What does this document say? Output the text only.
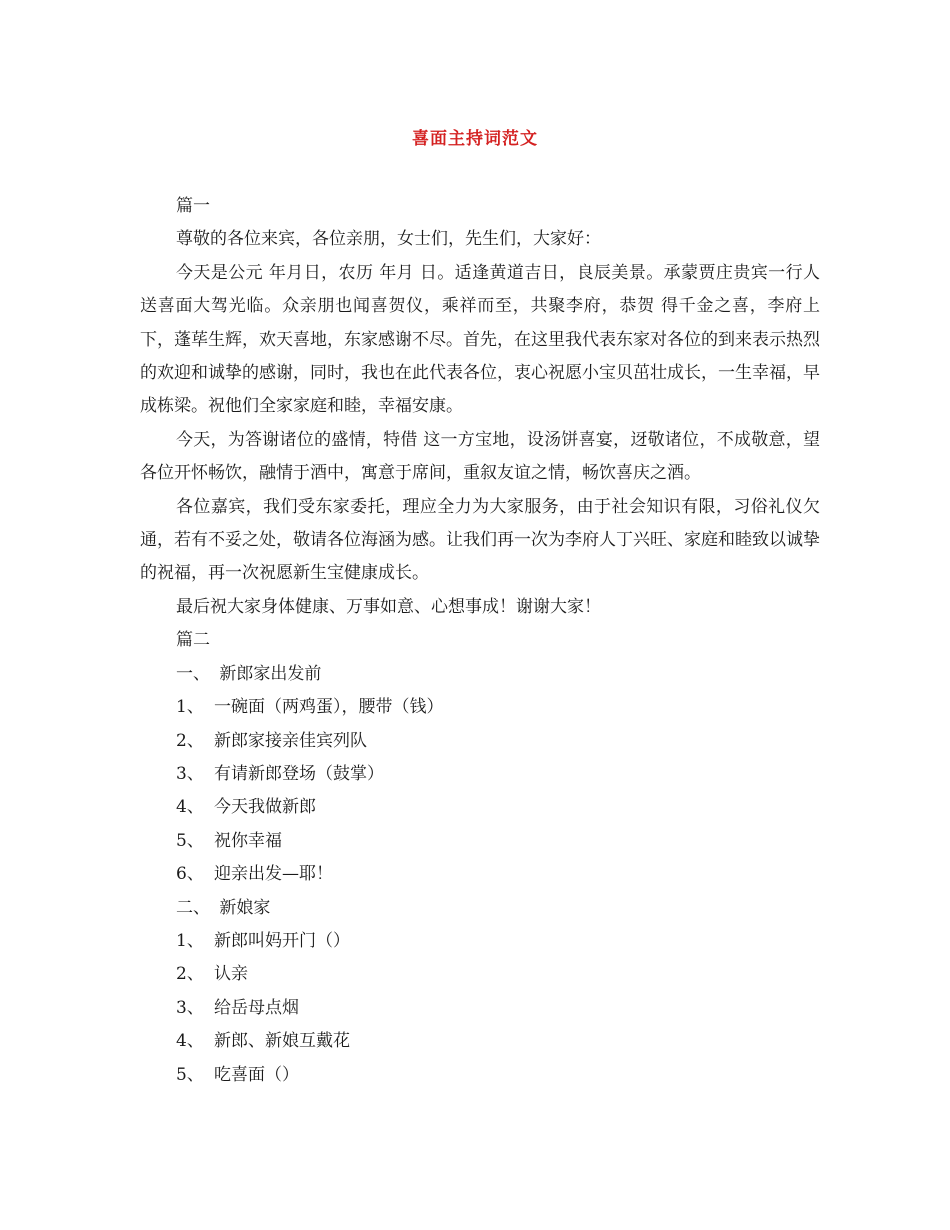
喜面主持词范文
篇一
尊敬的各位来宾，各位亲朋，女士们，先生们，大家好：
今天是公元 年月日，农历 年月 日。适逢黄道吉日，良辰美景。承蒙贾庄贵宾一行人送喜面大驾光临。众亲朋也闻喜贺仪，乘祥而至，共聚李府，恭贺 得千金之喜，李府上下，蓬荜生辉，欢天喜地，东家感谢不尽。首先，在这里我代表东家对各位的到来表示热烈的欢迎和诚挚的感谢，同时，我也在此代表各位，衷心祝愿小宝贝茁壮成长，一生幸福，早成栋梁。祝他们全家家庭和睦，幸福安康。
今天，为答谢诸位的盛情，特借 这一方宝地，设汤饼喜宴，迓敬诸位，不成敬意，望各位开怀畅饮，融情于酒中，寓意于席间，重叙友谊之情，畅饮喜庆之酒。
各位嘉宾，我们受东家委托，理应全力为大家服务，由于社会知识有限，习俗礼仪欠通，若有不妥之处，敬请各位海涵为感。让我们再一次为李府人丁兴旺、家庭和睦致以诚挚的祝福，再一次祝愿新生宝健康成长。
最后祝大家身体健康、万事如意、心想事成！谢谢大家！
篇二
一、 新郎家出发前
1、 一碗面（两鸡蛋），腰带（钱）
2、 新郎家接亲佳宾列队
3、 有请新郎登场（鼓掌）
4、 今天我做新郎
5、 祝你幸福
6、 迎亲出发—耶！
二、 新娘家
1、 新郎叫妈开门（）
2、 认亲
3、 给岳母点烟
4、 新郎、新娘互戴花
5、 吃喜面（）
